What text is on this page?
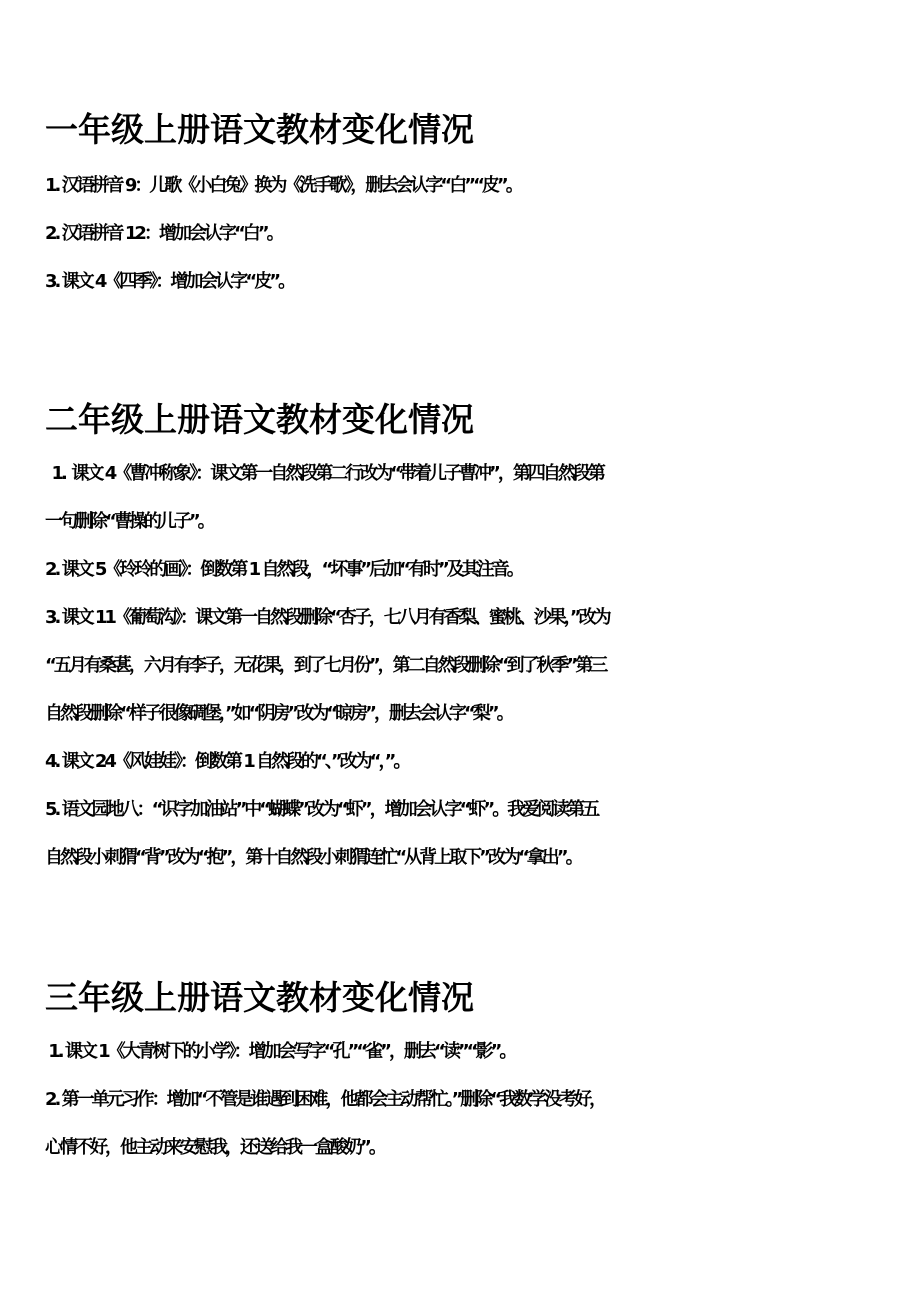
一年级上册语文教材变化情况

1. 汉语拼音 9：儿歌《小白兔》换为《洗手歌》，删去会认字“白”“皮”。

2. 汉语拼音 12：增加会认字“白”。

3. 课文 4《四季》：增加会认字“皮”。

二年级上册语文教材变化情况

1.  课文 4《曹冲称象》：课文第一自然段第二行改为“带着儿子曹冲”，第四自然段第

一句删除“曹操的儿子”。

2. 课文 5《玲玲的画》：倒数第 1 自然段，“坏事”后加“有时”及其注音。

3. 课文 11《葡萄沟》：课文第一自然段删除“杏子，七八月有香梨、蜜桃、沙果，”改为

“五月有桑葚，六月有李子，无花果，到了七月份”，第二自然段删除“到了秋季”第三

自然段删除“样子很像碉堡，”如“阴房”改为“晾房”，删去会认字“梨”。

4. 课文 24《风娃娃》：倒数第 1 自然段的“、”改为“，”。

5. 语文园地八：“识字加油站”中“蝴蝶”改为“虾”，增加会认字“虾”。我爱阅读第五

自然段小刺猬“背”改为“抱”，第十自然段小刺猬连忙“从背上取下”改为“拿出”。

三年级上册语文教材变化情况

1. 课文 1《大青树下的小学》：增加会写字“孔”“雀”，删去“读”“影”。

2. 第一单元习作：增加“不管是谁遇到困难，他都会主动帮忙。”删除“我数学没考好，

心情不好，他主动来安慰我，还送给我一盒酸奶”。
